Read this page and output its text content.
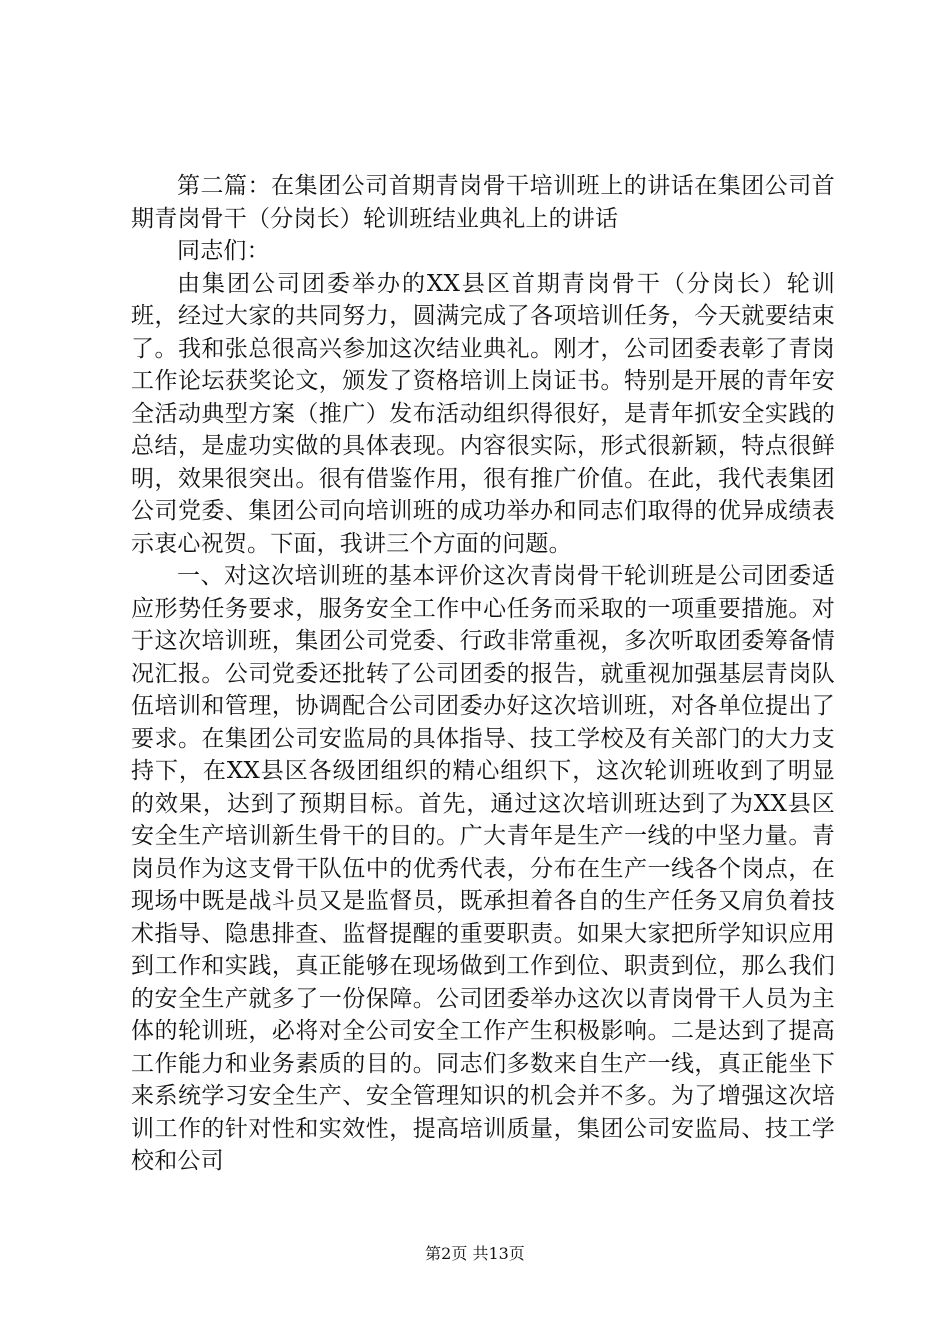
第二篇：在集团公司首期青岗骨干培训班上的讲话在集团公司首期青岗骨干（分岗长）轮训班结业典礼上的讲话

同志们：

由集团公司团委举办的XX县区首期青岗骨干（分岗长）轮训班，经过大家的共同努力，圆满完成了各项培训任务，今天就要结束了。我和张总很高兴参加这次结业典礼。刚才，公司团委表彰了青岗工作论坛获奖论文，颁发了资格培训上岗证书。特别是开展的青年安全活动典型方案（推广）发布活动组织得很好，是青年抓安全实践的总结，是虚功实做的具体表现。内容很实际，形式很新颖，特点很鲜明，效果很突出。很有借鉴作用，很有推广价值。在此，我代表集团公司党委、集团公司向培训班的成功举办和同志们取得的优异成绩表示衷心祝贺。下面，我讲三个方面的问题。

一、对这次培训班的基本评价这次青岗骨干轮训班是公司团委适应形势任务要求，服务安全工作中心任务而采取的一项重要措施。对于这次培训班，集团公司党委、行政非常重视，多次听取团委筹备情况汇报。公司党委还批转了公司团委的报告，就重视加强基层青岗队伍培训和管理，协调配合公司团委办好这次培训班，对各单位提出了要求。在集团公司安监局的具体指导、技工学校及有关部门的大力支持下，在XX县区各级团组织的精心组织下，这次轮训班收到了明显的效果，达到了预期目标。首先，通过这次培训班达到了为XX县区安全生产培训新生骨干的目的。广大青年是生产一线的中坚力量。青岗员作为这支骨干队伍中的优秀代表，分布在生产一线各个岗点，在现场中既是战斗员又是监督员，既承担着各自的生产任务又肩负着技术指导、隐患排查、监督提醒的重要职责。如果大家把所学知识应用到工作和实践，真正能够在现场做到工作到位、职责到位，那么我们的安全生产就多了一份保障。公司团委举办这次以青岗骨干人员为主体的轮训班，必将对全公司安全工作产生积极影响。二是达到了提高工作能力和业务素质的目的。同志们多数来自生产一线，真正能坐下来系统学习安全生产、安全管理知识的机会并不多。为了增强这次培训工作的针对性和实效性，提高培训质量，集团公司安监局、技工学校和公司

第2页 共13页
